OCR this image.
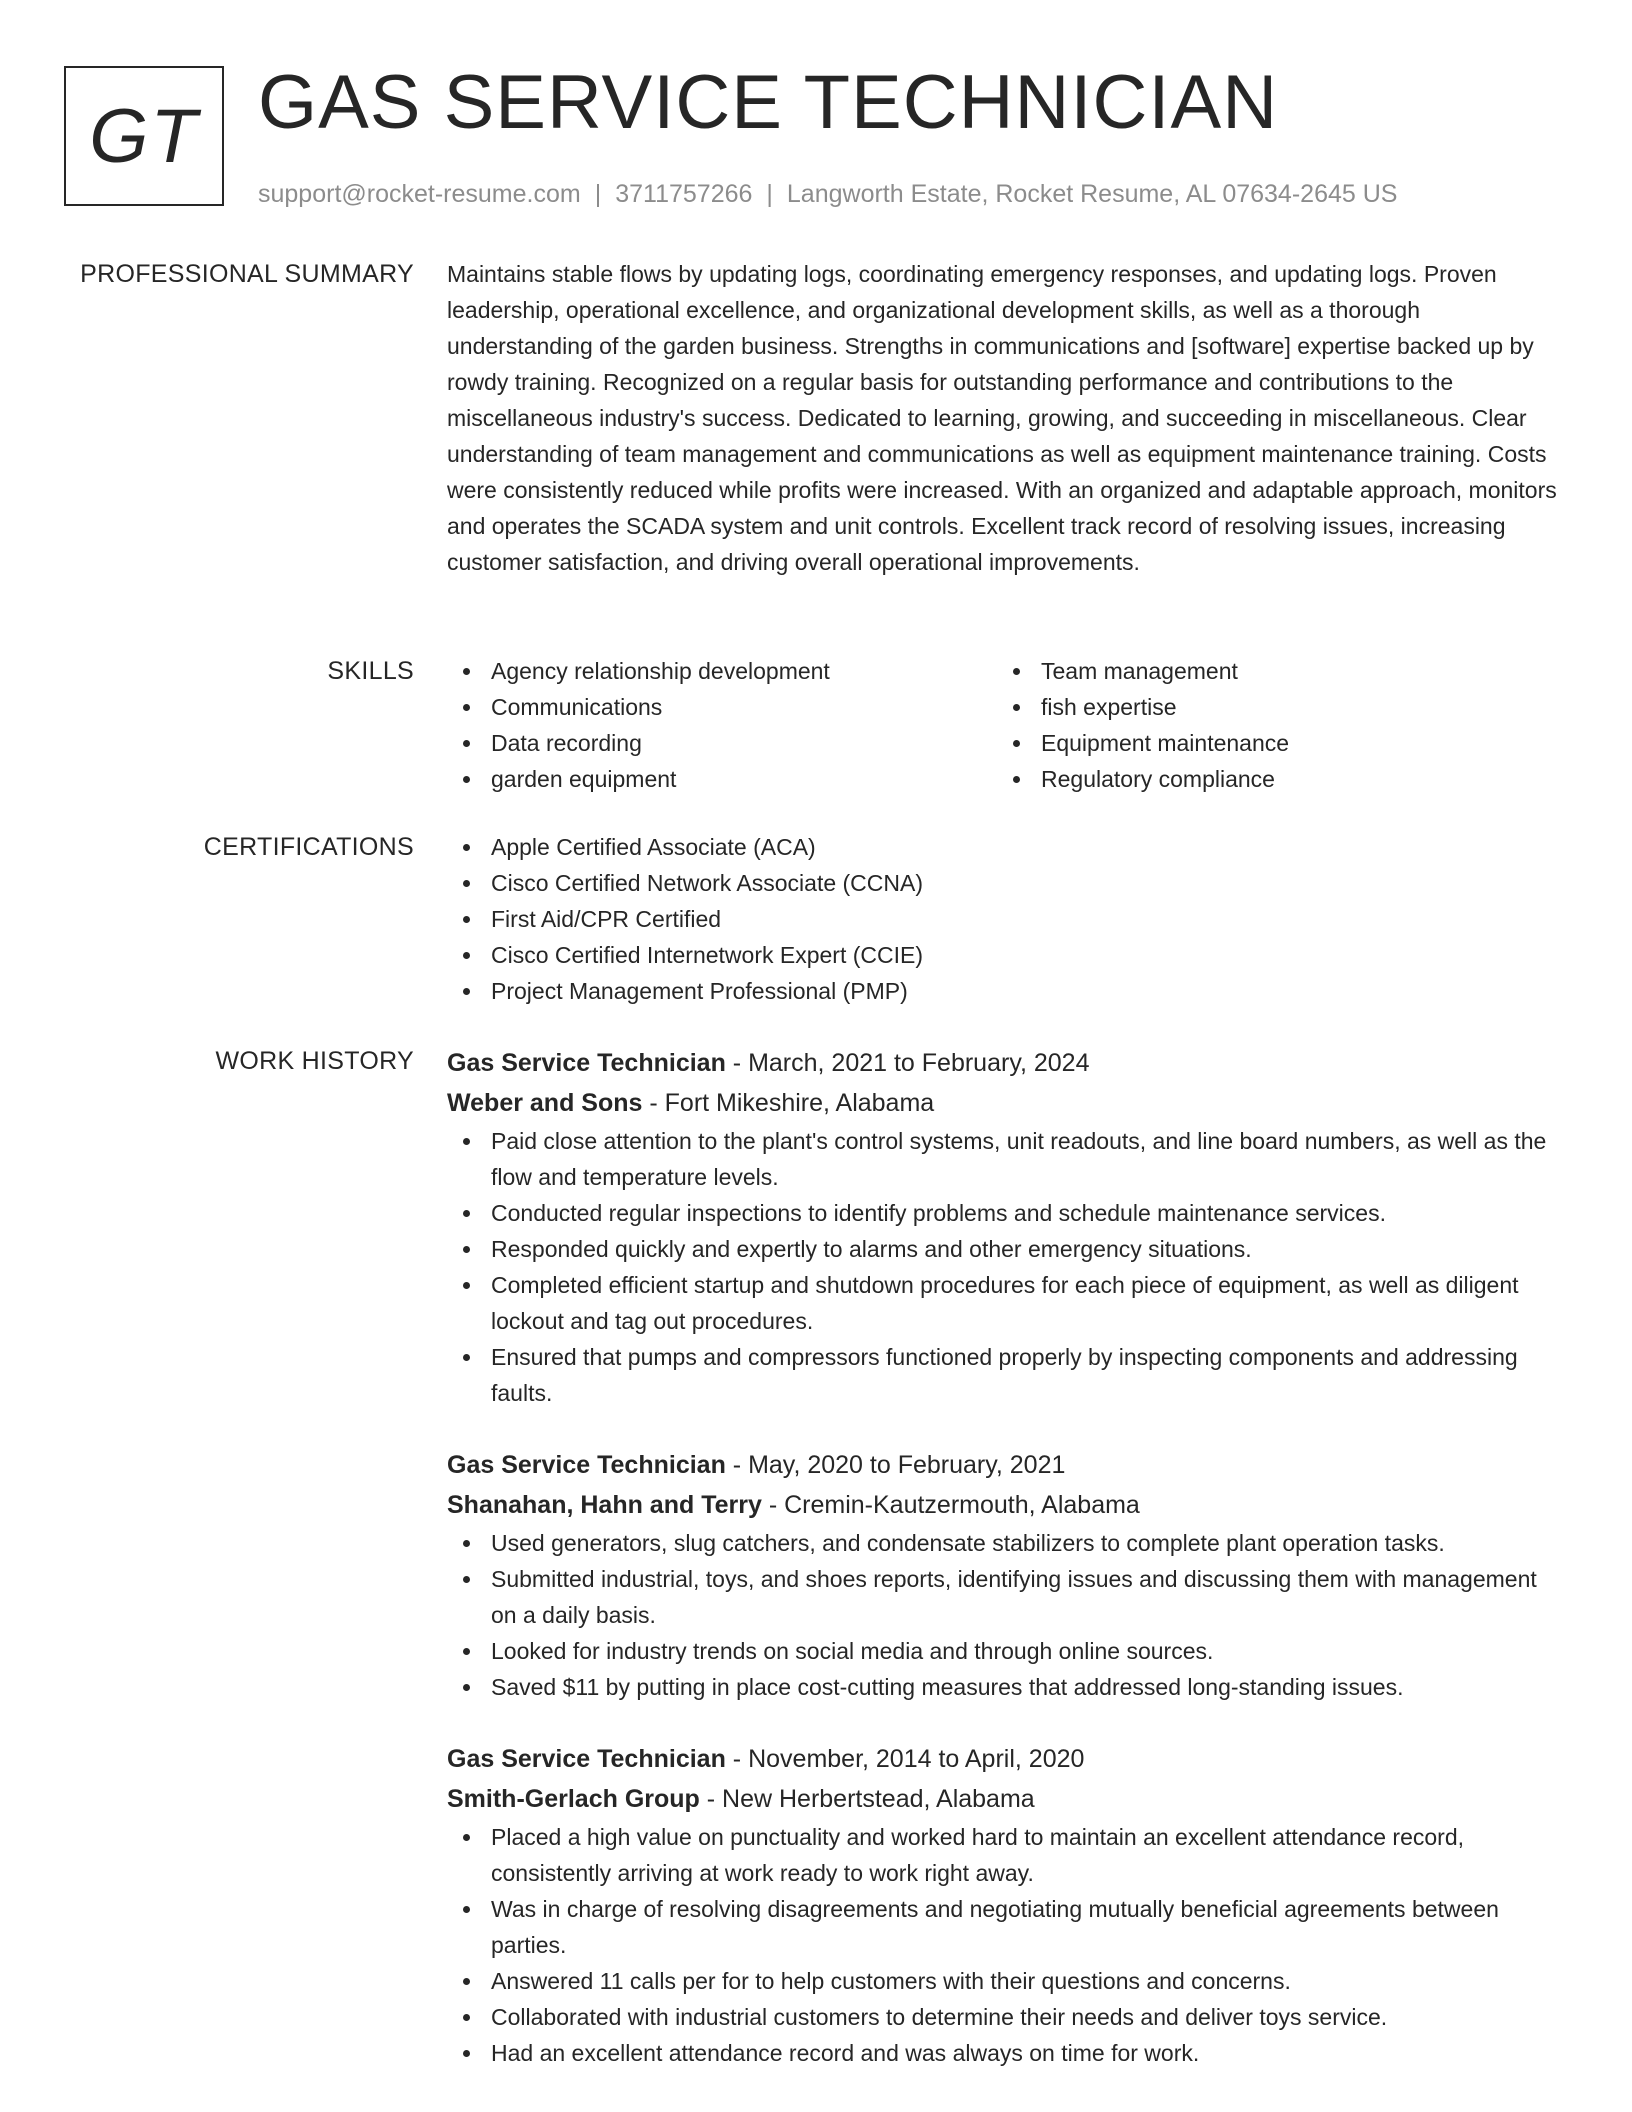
GT GAS SERVICE TECHNICIAN
support@rocket-resume.com | 3711757266 | Langworth Estate, Rocket Resume, AL 07634-2645 US
PROFESSIONAL SUMMARY Maintains stable flows by updating logs, coordinating emergency responses, and updating logs. Proven leadership, operational excellence, and organizational development skills, as well as a thorough understanding of the garden business. Strengths in communications and [software] expertise backed up by rowdy training. Recognized on a regular basis for outstanding performance and contributions to the miscellaneous industry's success. Dedicated to learning, growing, and succeeding in miscellaneous. Clear understanding of team management and communications as well as equipment maintenance training. Costs were consistently reduced while profits were increased. With an organized and adaptable approach, monitors and operates the SCADA system and unit controls. Excellent track record of resolving issues, increasing customer satisfaction, and driving overall operational improvements.

SKILLS	Agency relationship development
Communications
Data recording
garden equipment
Team management
fish expertise
Equipment maintenance
Regulatory compliance
CERTIFICATIONS	Apple Certified Associate (ACA)
Cisco Certified Network Associate (CCNA)
First Aid/CPR Certified
Cisco Certified Internetwork Expert (CCIE)
Project Management Professional (PMP)
WORK HISTORY Gas Service Technician - March, 2021 to February, 2024
Weber and Sons - Fort Mikeshire, Alabama
Paid close attention to the plant's control systems, unit readouts, and line board numbers, as well as the flow and temperature levels.
Conducted regular inspections to identify problems and schedule maintenance services.
Responded quickly and expertly to alarms and other emergency situations.
Completed efficient startup and shutdown procedures for each piece of equipment, as well as diligent lockout and tag out procedures.
Ensured that pumps and compressors functioned properly by inspecting components and addressing faults.
Gas Service Technician - May, 2020 to February, 2021
Shanahan, Hahn and Terry - Cremin-Kautzermouth, Alabama
Used generators, slug catchers, and condensate stabilizers to complete plant operation tasks.
Submitted industrial, toys, and shoes reports, identifying issues and discussing them with management on a daily basis.
Looked for industry trends on social media and through online sources.
Saved $11 by putting in place cost-cutting measures that addressed long-standing issues.
Gas Service Technician - November, 2014 to April, 2020
Smith-Gerlach Group - New Herbertstead, Alabama
Placed a high value on punctuality and worked hard to maintain an excellent attendance record, consistently arriving at work ready to work right away.
Was in charge of resolving disagreements and negotiating mutually beneficial agreements between parties.
Answered 11 calls per for to help customers with their questions and concerns.
Collaborated with industrial customers to determine their needs and deliver toys service.
Had an excellent attendance record and was always on time for work.
